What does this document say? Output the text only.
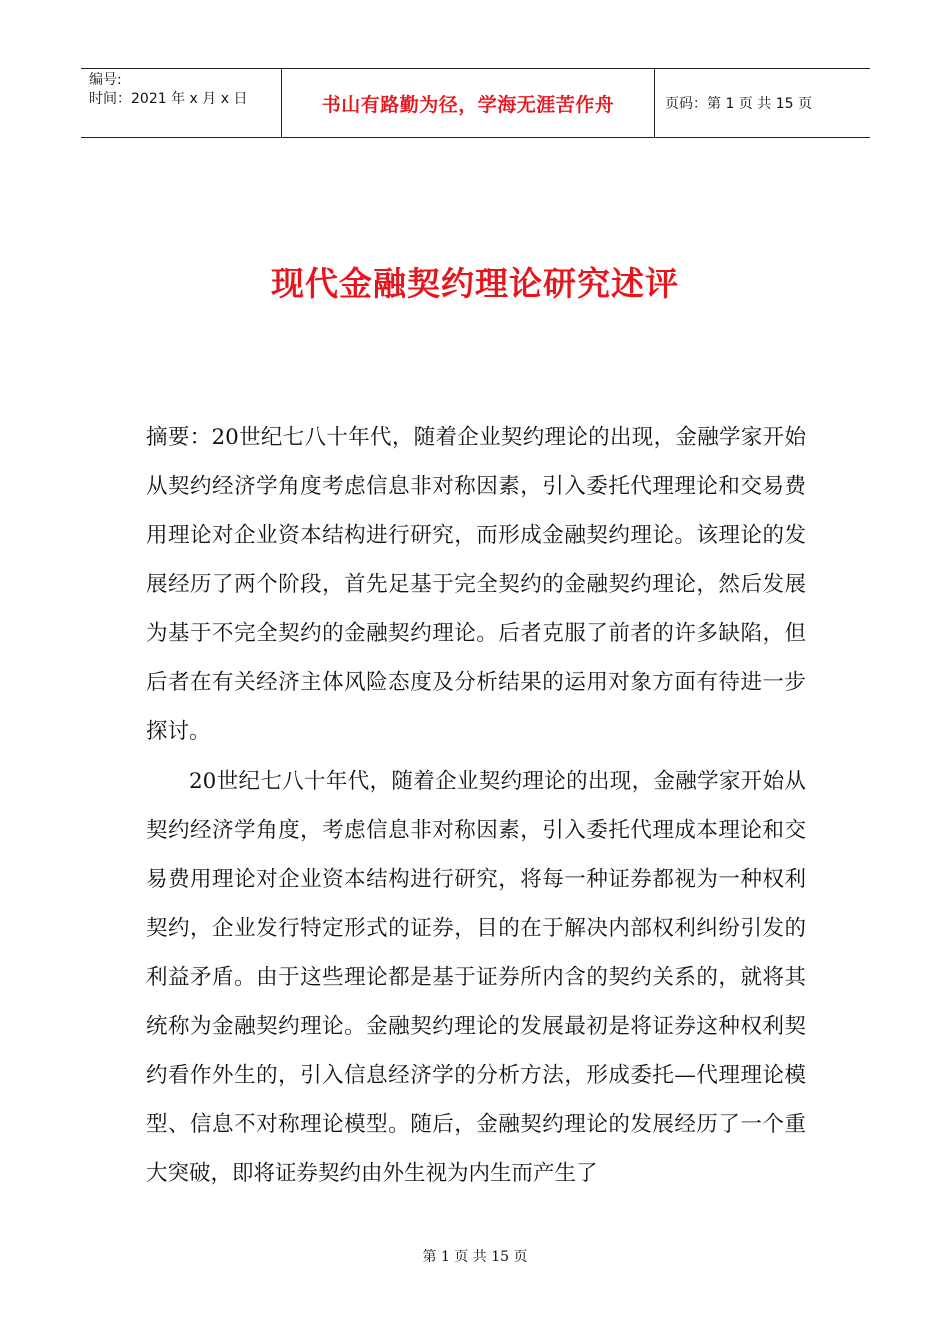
编号:
时间：2021 年 x 月 x 日	书山有路勤为径，学海无涯苦作舟	页码：第 1 页 共 15 页
现代金融契约理论研究述评

摘要：20世纪七八十年代，随着企业契约理论的出现，金融学家开始从契约经济学角度考虑信息非对称因素，引入委托代理理论和交易费用理论对企业资本结构进行研究，而形成金融契约理论。该理论的发展经历了两个阶段，首先足基于完全契约的金融契约理论，然后发展为基于不完全契约的金融契约理论。后者克服了前者的许多缺陷，但后者在有关经济主体风险态度及分析结果的运用对象方面有待进一步探讨。

20世纪七八十年代，随着企业契约理论的出现，金融学家开始从契约经济学角度，考虑信息非对称因素，引入委托代理成本理论和交易费用理论对企业资本结构进行研究，将每一种证券都视为一种权利契约，企业发行特定形式的证券，目的在于解决内部权利纠纷引发的利益矛盾。由于这些理论都是基于证券所内含的契约关系的，就将其统称为金融契约理论。金融契约理论的发展最初是将证券这种权利契约看作外生的，引入信息经济学的分析方法，形成委托—代理理论模型、信息不对称理论模型。随后，金融契约理论的发展经历了一个重大突破，即将证券契约由外生视为内生而产生了

第 1 页 共 15 页
